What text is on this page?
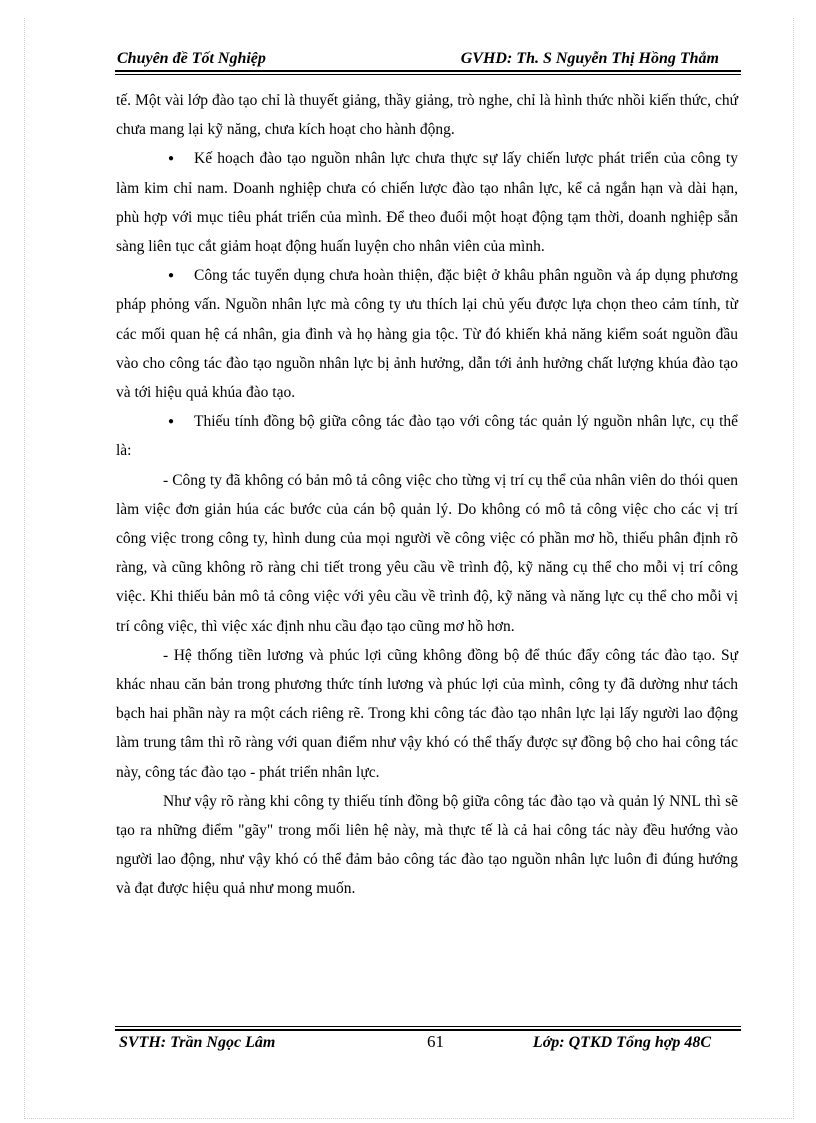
Chuyên đề Tốt Nghiệp	GVHD: Th. S Nguyễn Thị Hồng Thắm

tế. Một vài lớp đào tạo chỉ là thuyết giảng, thầy giảng, trò nghe, chỉ là hình thức nhồi kiến thức, chứ chưa mang lại kỹ năng, chưa kích hoạt cho hành động.

● Kế hoạch đào tạo nguồn nhân lực chưa thực sự lấy chiến lược phát triển của công ty làm kim chỉ nam. Doanh nghiệp chưa có chiến lược đào tạo nhân lực, kể cả ngắn hạn và dài hạn, phù hợp với mục tiêu phát triển của mình. Để theo đuổi một hoạt động tạm thời, doanh nghiệp sẵn sàng liên tục cắt giảm hoạt động huấn luyện cho nhân viên của mình.

● Công tác tuyển dụng chưa hoàn thiện, đặc biệt ở khâu phân nguồn và áp dụng phương pháp phỏng vấn. Nguồn nhân lực mà công ty ưu thích lại chủ yếu được lựa chọn theo cảm tính, từ các mối quan hệ cá nhân, gia đình và họ hàng gia tộc. Từ đó khiến khả năng kiểm soát nguồn đầu vào cho công tác đào tạo nguồn nhân lực bị ảnh hưởng, dẫn tới ảnh hưởng chất lượng khúa đào tạo và tới hiệu quả khúa đào tạo.

● Thiếu tính đồng bộ giữa công tác đào tạo với công tác quản lý nguồn nhân lực, cụ thể là:

- Công ty đã không có bản mô tả công việc cho từng vị trí cụ thể của nhân viên do thói quen làm việc đơn giản húa các bước của cán bộ quản lý. Do không có mô tả công việc cho các vị trí công việc trong công ty, hình dung của mọi người về công việc có phần mơ hồ, thiếu phân định rõ ràng, và cũng không rõ ràng chi tiết trong yêu cầu về trình độ, kỹ năng cụ thể cho mỗi vị trí công việc. Khi thiếu bản mô tả công việc với yêu cầu về trình độ, kỹ năng và năng lực cụ thể cho mỗi vị trí công việc, thì việc xác định nhu cầu đạo tạo cũng mơ hồ hơn.

- Hệ thống tiền lương và phúc lợi cũng không đồng bộ để thúc đẩy công tác đào tạo. Sự khác nhau căn bản trong phương thức tính lương và phúc lợi của mình, công ty đã dường như tách bạch hai phần này ra một cách riêng rẽ. Trong khi công tác đào tạo nhân lực lại lấy người lao động làm trung tâm thì rõ ràng với quan điểm như vậy khó có thể thấy được sự đồng bộ cho hai công tác này, công tác đào tạo - phát triển nhân lực.

Như vậy rõ ràng khi công ty thiếu tính đồng bộ giữa công tác đào tạo và quản lý NNL thì sẽ tạo ra những điểm "gãy" trong mối liên hệ này, mà thực tế là cả hai công tác này đều hướng vào người lao động, như vậy khó có thể đảm bảo công tác đào tạo nguồn nhân lực luôn đi đúng hướng và đạt được hiệu quả như mong muốn.

SVTH: Trần Ngọc Lâm	61	Lớp: QTKD Tổng hợp 48C
